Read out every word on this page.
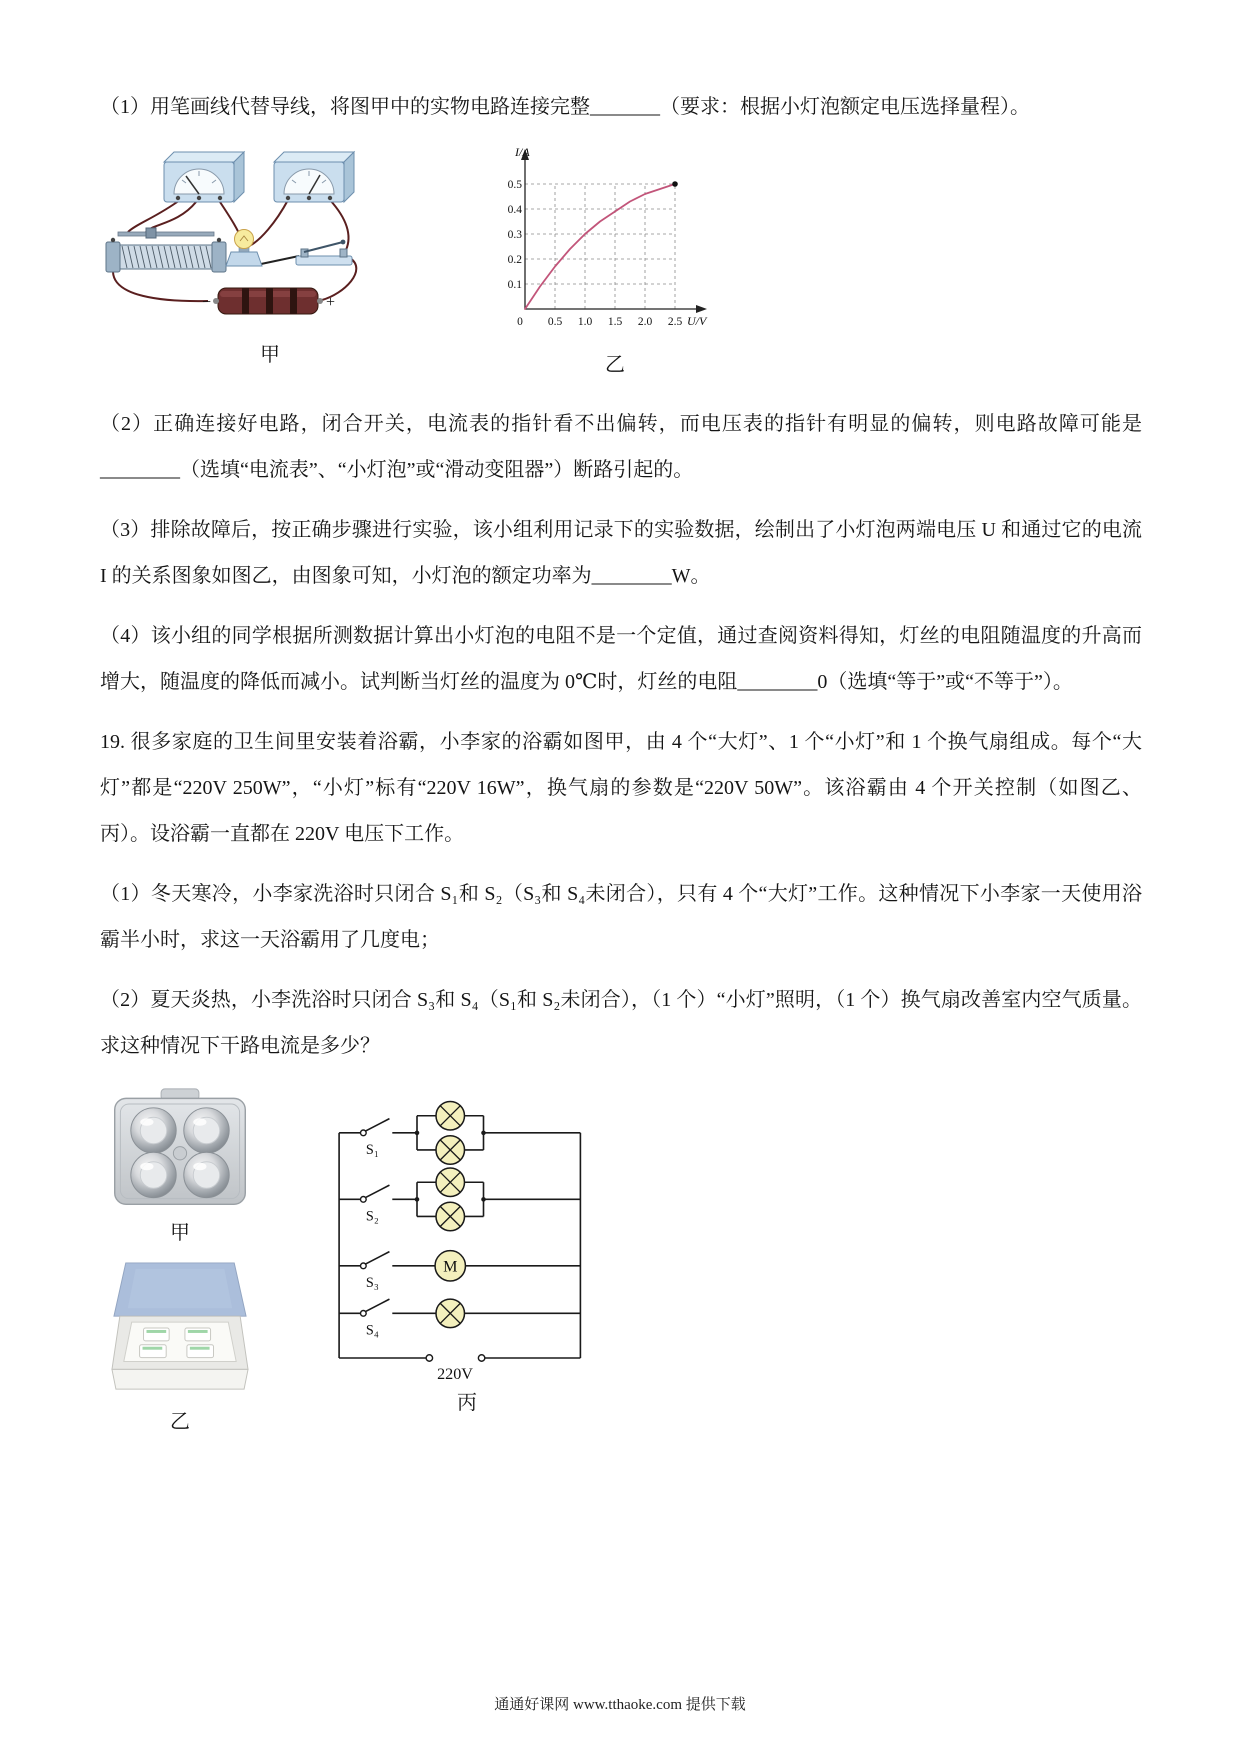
（1）用笔画线代替导线，将图甲中的实物电路连接完整_______（要求：根据小灯泡额定电压选择量程）。

−	+
甲
I/A
U/V
0 0.5 1.0 1.5 2.0 2.5
0.1
0.2
0.3
0.4
0.5
乙

（2）正确连接好电路，闭合开关，电流表的指针看不出偏转，而电压表的指针有明显的偏转，则电路故障可能是________（选填“电流表”、“小灯泡”或“滑动变阻器”）断路引起的。

（3）排除故障后，按正确步骤进行实验，该小组利用记录下的实验数据，绘制出了小灯泡两端电压 U 和通过它的电流 I 的关系图象如图乙，由图象可知，小灯泡的额定功率为________W。

（4）该小组的同学根据所测数据计算出小灯泡的电阻不是一个定值，通过查阅资料得知，灯丝的电阻随温度的升高而增大，随温度的降低而减小。试判断当灯丝的温度为 0℃时，灯丝的电阻________0（选填“等于”或“不等于”）。

19. 很多家庭的卫生间里安装着浴霸，小李家的浴霸如图甲，由 4 个“大灯”、1 个“小灯”和 1 个换气扇组成。每个“大灯”都是“220V 250W”，“小灯”标有“220V 16W”，换气扇的参数是“220V 50W”。该浴霸由 4 个开关控制（如图乙、丙）。设浴霸一直都在 220V 电压下工作。

（1）冬天寒冷，小李家洗浴时只闭合 S₁和 S₂（S₃和 S₄未闭合），只有 4 个“大灯”工作。这种情况下小李家一天使用浴霸半小时，求这一天浴霸用了几度电；

（2）夏天炎热，小李洗浴时只闭合 S₃和 S₄（S₁和 S₂未闭合），（1 个）“小灯”照明，（1 个）换气扇改善室内空气质量。求这种情况下干路电流是多少？

甲
乙
M
220V
S₁
S₂
S₃
S₄
丙
通通好课网 www.tthaoke.com 提供下载
